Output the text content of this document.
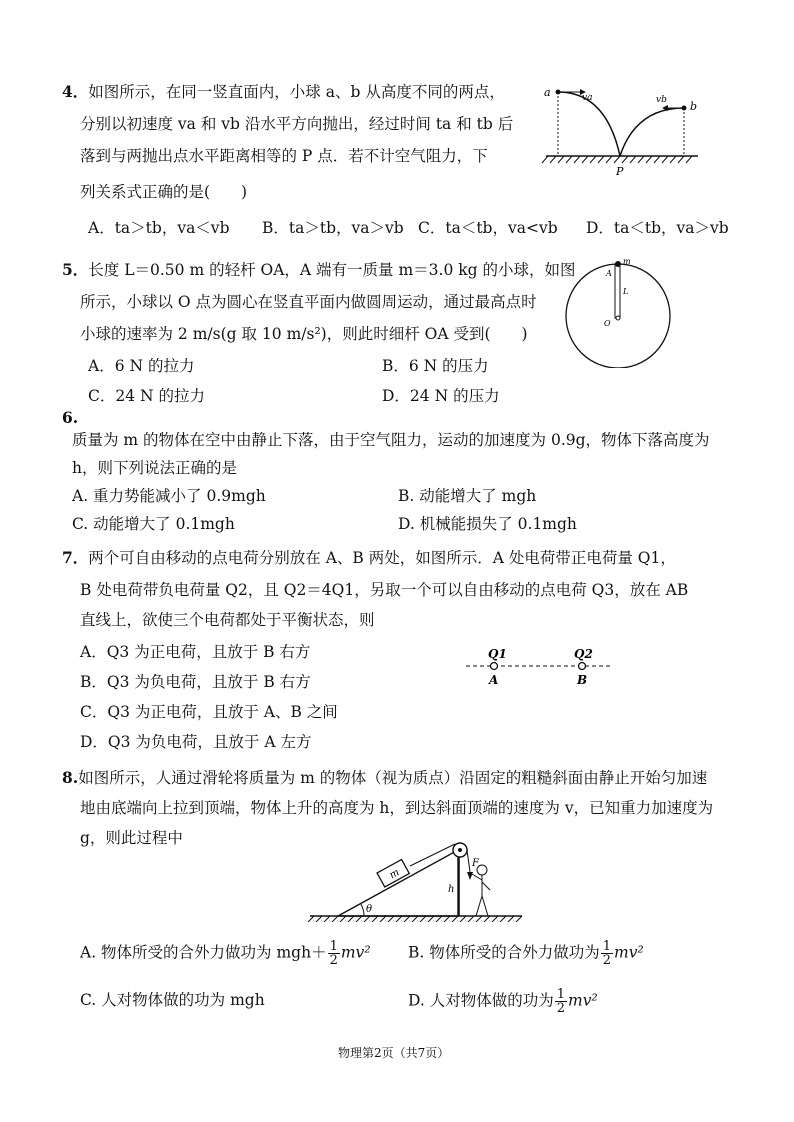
4．如图所示，在同一竖直面内，小球 a、b 从高度不同的两点，
分别以初速度 va 和 vb 沿水平方向抛出，经过时间 ta 和 tb 后
落到与两抛出点水平距离相等的 P 点．若不计空气阻力，下
列关系式正确的是(　　)
A．ta＞tb，va＜vb B．ta＞tb，va＞vb C．ta＜tb，va<vb D．ta＜tb，va＞vb
a	va	vb b
P
5．长度 L＝0.50 m 的轻杆 OA，A 端有一质量 m＝3.0 kg 的小球，如图
所示，小球以 O 点为圆心在竖直平面内做圆周运动，通过最高点时
小球的速率为 2 m/s(g 取 10 m/s²)，则此时细杆 OA 受到(　　)
A．6 N 的拉力	B．6 N 的压力
C．24 N 的拉力	D．24 N 的压力
m
A
L
O
6.
质量为 m 的物体在空中由静止下落，由于空气阻力，运动的加速度为 0.9g，物体下落高度为
h，则下列说法正确的是
A. 重力势能减小了 0.9mgh	B. 动能增大了 mgh
C. 动能增大了 0.1mgh	D. 机械能损失了 0.1mgh
7．两个可自由移动的点电荷分别放在 A、B 两处，如图所示．A 处电荷带正电荷量 Q1，
B 处电荷带负电荷量 Q2，且 Q2＝4Q1，另取一个可以自由移动的点电荷 Q3，放在 AB
直线上，欲使三个电荷都处于平衡状态，则
A．Q3 为正电荷，且放于 B 右方
B．Q3 为负电荷，且放于 B 右方
C．Q3 为正电荷，且放于 A、B 之间
D．Q3 为负电荷，且放于 A 左方
Q1	Q2
A	B
8.如图所示，人通过滑轮将质量为 m 的物体（视为质点）沿固定的粗糙斜面由静止开始匀加速
地由底端向上拉到顶端，物体上升的高度为 h，到达斜面顶端的速度为 v，已知重力加速度为
g，则此过程中
m
θ
h
F
A. 物体所受的合外力做功为 $mgh+ \frac{1}{2} mv^2$ B. 物体所受的合外力做功为 $\frac{1}{2} mv^2$
C. 人对物体做的功为 mgh	D. 人对物体做的功为 $\frac{1}{2} mv^2$
物理第2页（共7页）
